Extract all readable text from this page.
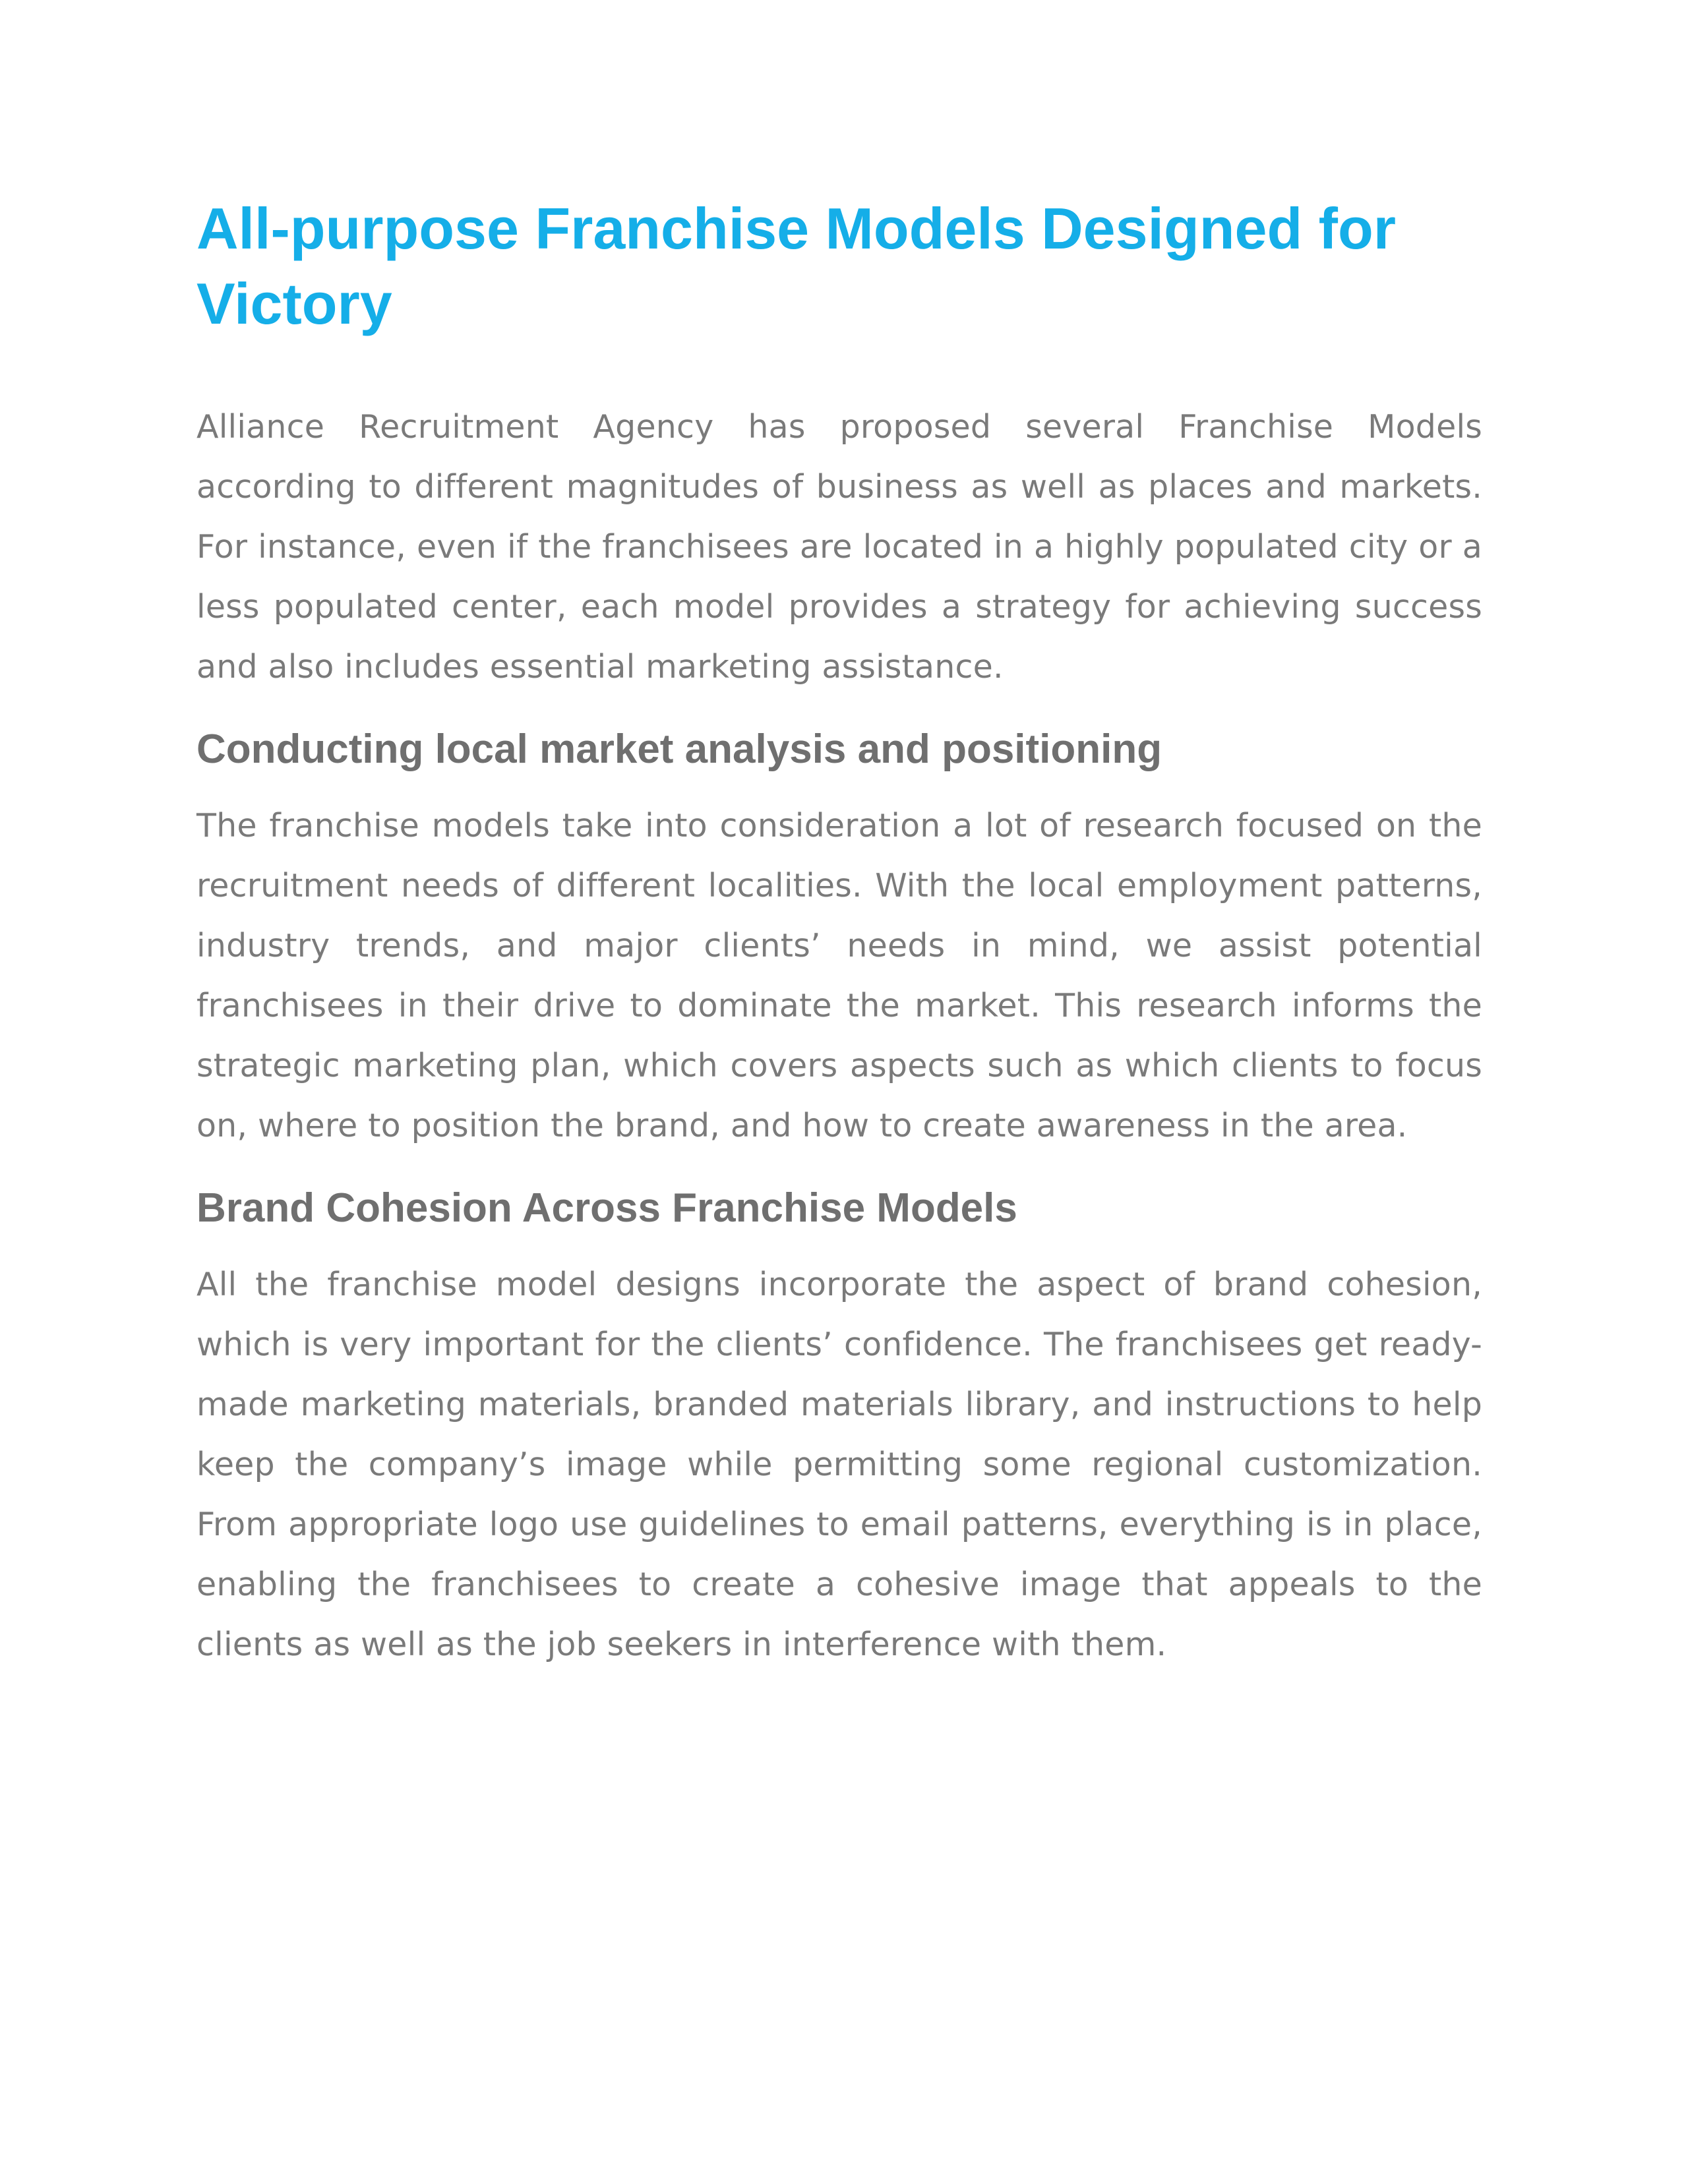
All-purpose Franchise Models Designed for
Victory

Alliance Recruitment Agency has proposed several Franchise Models according to different magnitudes of business as well as places and markets. For instance, even if the franchisees are located in a highly populated city or a less populated center, each model provides a strategy for achieving success and also includes essential marketing assistance.

Conducting local market analysis and positioning

The franchise models take into consideration a lot of research focused on the recruitment needs of different localities. With the local employment patterns, industry trends, and major clients’ needs in mind, we assist potential franchisees in their drive to dominate the market. This research informs the strategic marketing plan, which covers aspects such as which clients to focus on, where to position the brand, and how to create awareness in the area.

Brand Cohesion Across Franchise Models

All the franchise model designs incorporate the aspect of brand cohesion, which is very important for the clients’ confidence. The franchisees get ready-made marketing materials, branded materials library, and instructions to help keep the company’s image while permitting some regional customization. From appropriate logo use guidelines to email patterns, everything is in place, enabling the franchisees to create a cohesive image that appeals to the clients as well as the job seekers in interference with them.
